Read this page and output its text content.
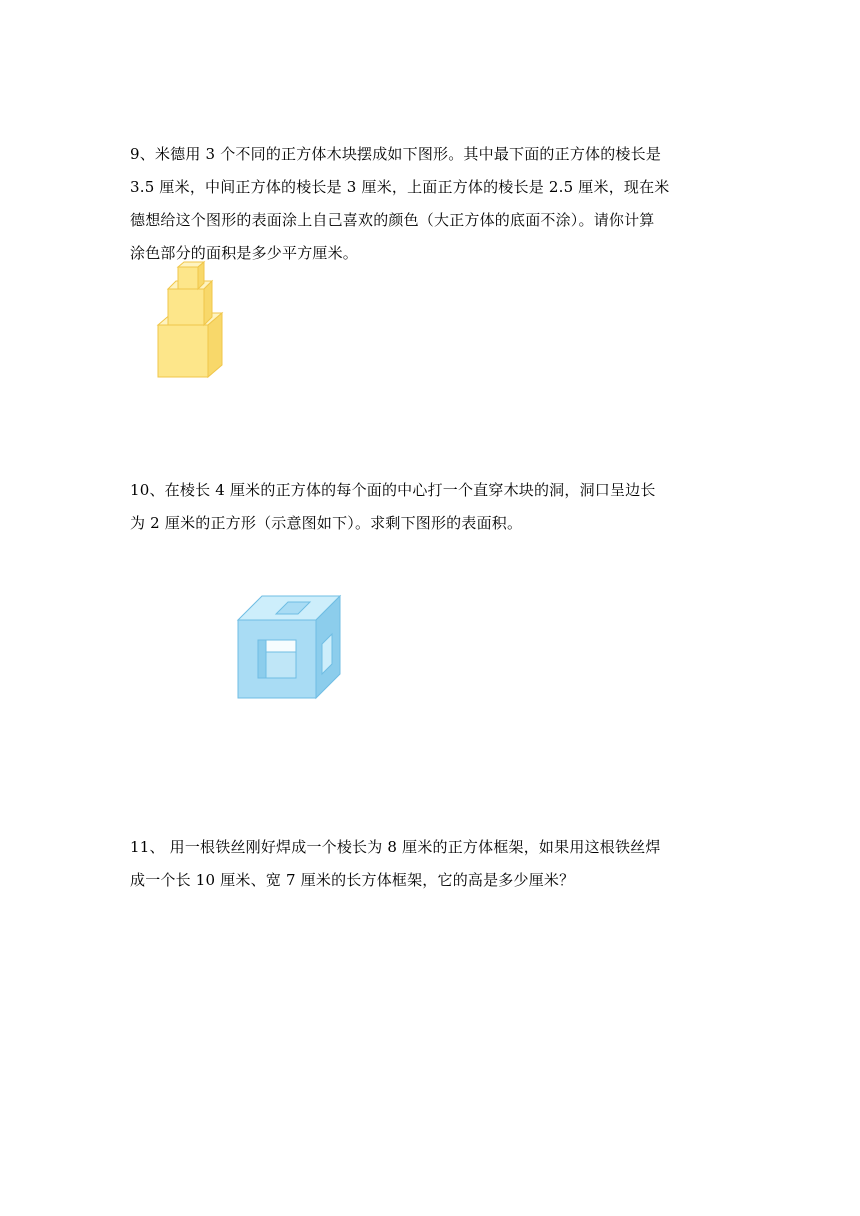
9、米德用 3 个不同的正方体木块摆成如下图形。其中最下面的正方体的棱长是
3.5 厘米，中间正方体的棱长是 3 厘米，上面正方体的棱长是 2.5 厘米，现在米
德想给这个图形的表面涂上自己喜欢的颜色（大正方体的底面不涂）。请你计算
涂色部分的面积是多少平方厘米。
10、在棱长 4 厘米的正方体的每个面的中心打一个直穿木块的洞，洞口呈边长
为 2 厘米的正方形（示意图如下）。求剩下图形的表面积。
11、 用一根铁丝刚好焊成一个棱长为 8 厘米的正方体框架，如果用这根铁丝焊
成一个长 10 厘米、宽 7 厘米的长方体框架，它的高是多少厘米？
